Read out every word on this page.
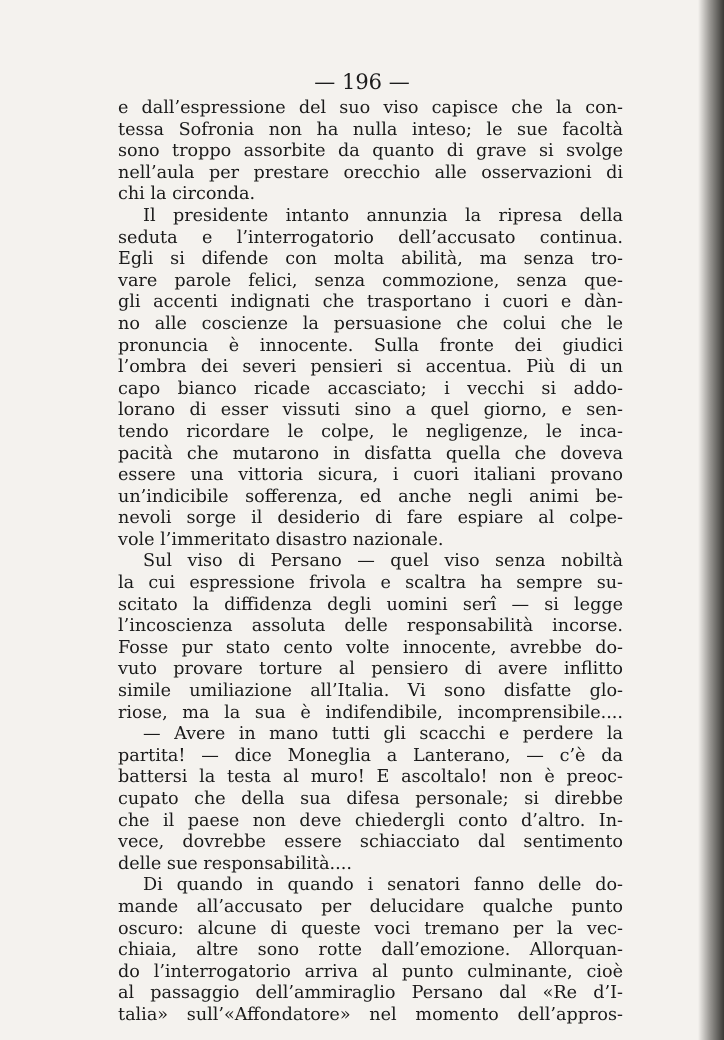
— 196 —
e dall’espressione del suo viso capisce che la con-
tessa Sofronia non ha nulla inteso; le sue facoltà
sono troppo assorbite da quanto di grave si svolge
nell’aula per prestare orecchio alle osservazioni di
chi la circonda.
Il presidente intanto annunzia la ripresa della
seduta e l’interrogatorio dell’accusato continua.
Egli si difende con molta abilità, ma senza tro-
vare parole felici, senza commozione, senza que-
gli accenti indignati che trasportano i cuori e dàn-
no alle coscienze la persuasione che colui che le
pronuncia è innocente. Sulla fronte dei giudici
l’ombra dei severi pensieri si accentua. Più di un
capo bianco ricade accasciato; i vecchi si addo-
lorano di esser vissuti sino a quel giorno, e sen-
tendo ricordare le colpe, le negligenze, le inca-
pacità che mutarono in disfatta quella che doveva
essere una vittoria sicura, i cuori italiani provano
un’indicibile sofferenza, ed anche negli animi be-
nevoli sorge il desiderio di fare espiare al colpe-
vole l’immeritato disastro nazionale.
Sul viso di Persano — quel viso senza nobiltà
la cui espressione frivola e scaltra ha sempre su-
scitato la diffidenza degli uomini serî — si legge
l’incoscienza assoluta delle responsabilità incorse.
Fosse pur stato cento volte innocente, avrebbe do-
vuto provare torture al pensiero di avere inflitto
simile umiliazione all’Italia. Vi sono disfatte glo-
riose, ma la sua è indifendibile, incomprensibile....
— Avere in mano tutti gli scacchi e perdere la
partita! — dice Moneglia a Lanterano, — c’è da
battersi la testa al muro! E ascoltalo! non è preoc-
cupato che della sua difesa personale; si direbbe
che il paese non deve chiedergli conto d’altro. In-
vece, dovrebbe essere schiacciato dal sentimento
delle sue responsabilità....
Di quando in quando i senatori fanno delle do-
mande all’accusato per delucidare qualche punto
oscuro: alcune di queste voci tremano per la vec-
chiaia, altre sono rotte dall’emozione. Allorquan-
do l’interrogatorio arriva al punto culminante, cioè
al passaggio dell’ammiraglio Persano dal «Re d’I-
talia» sull’«Affondatore» nel momento dell’appros-
